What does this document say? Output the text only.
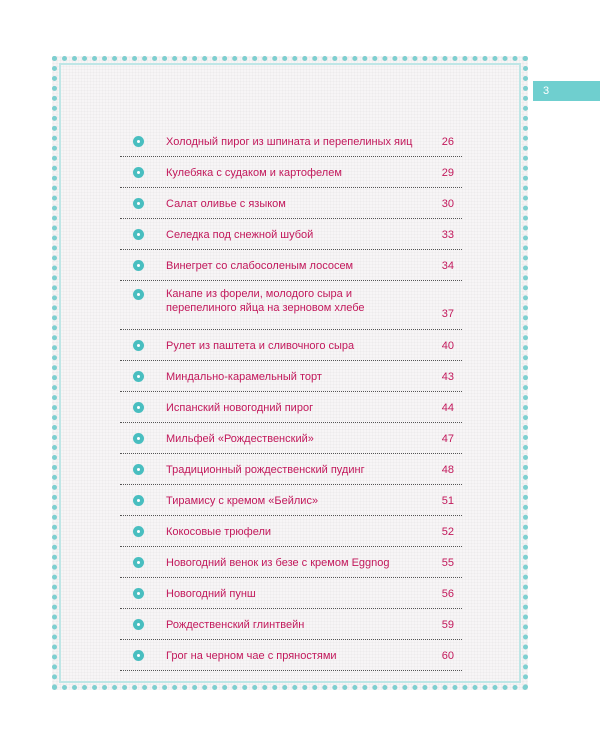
3
Холодный пирог из шпината и перепелиных яиц	26
Кулебяка с судаком и картофелем	29
Салат оливье с языком	30
Селедка под снежной шубой	33
Винегрет со слабосоленым лососем	34
Канапе из форели, молодого сыра и перепелиного яйца на зерновом хлебе	37
Рулет из паштета и сливочного сыра	40
Миндально-карамельный торт	43
Испанский новогодний пирог	44
Мильфей «Рождественский»	47
Традиционный рождественский пудинг	48
Тирамису с кремом «Бейлис»	51
Кокосовые трюфели	52
Новогодний венок из безе с кремом Eggnog	55
Новогодний пунш	56
Рождественский глинтвейн	59
Грог на черном чае с пряностями	60
